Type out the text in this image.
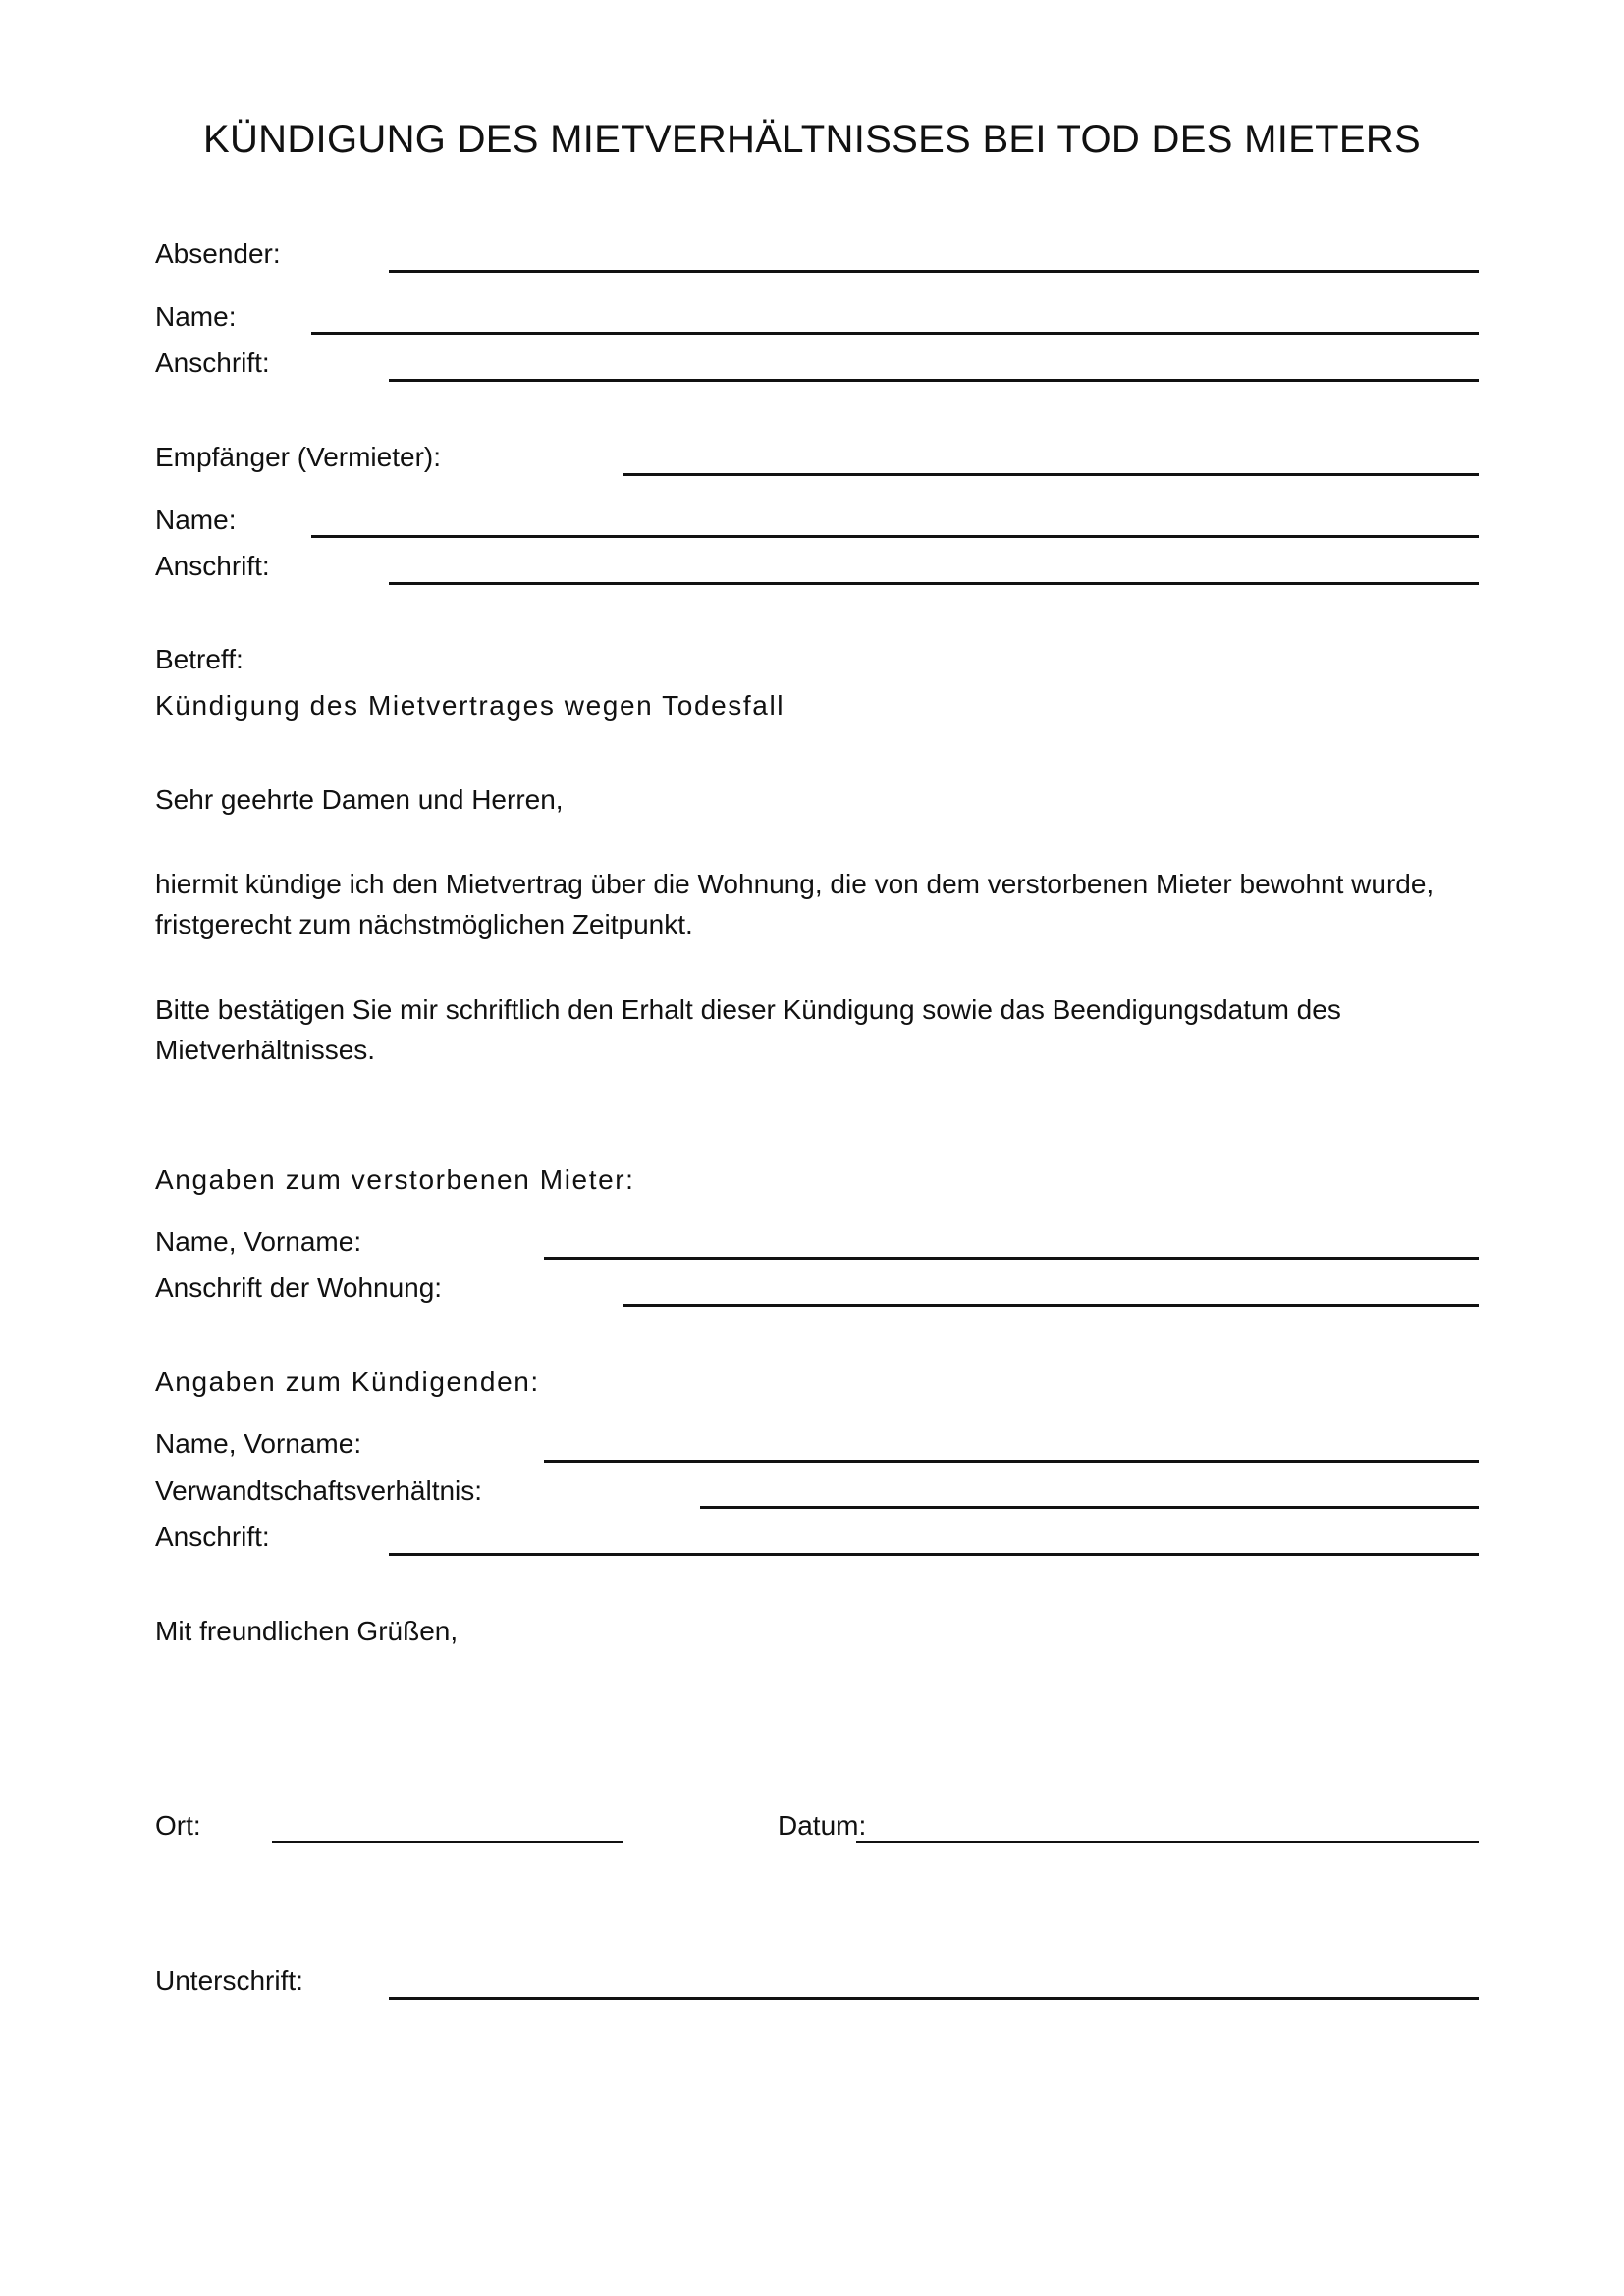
KÜNDIGUNG DES MIETVERHÄLTNISSES BEI TOD DES MIETERS
Absender:
Name:
Anschrift:
Empfänger (Vermieter):
Name:
Anschrift:
Betreff:
Kündigung des Mietvertrages wegen Todesfall
Sehr geehrte Damen und Herren,
hiermit kündige ich den Mietvertrag über die Wohnung, die von dem verstorbenen Mieter bewohnt wurde,
fristgerecht zum nächstmöglichen Zeitpunkt.
Bitte bestätigen Sie mir schriftlich den Erhalt dieser Kündigung sowie das Beendigungsdatum des
Mietverhältnisses.
Angaben zum verstorbenen Mieter:
Name, Vorname:
Anschrift der Wohnung:
Angaben zum Kündigenden:
Name, Vorname:
Verwandtschaftsverhältnis:
Anschrift:
Mit freundlichen Grüßen,
Ort:	Datum:
Unterschrift:
